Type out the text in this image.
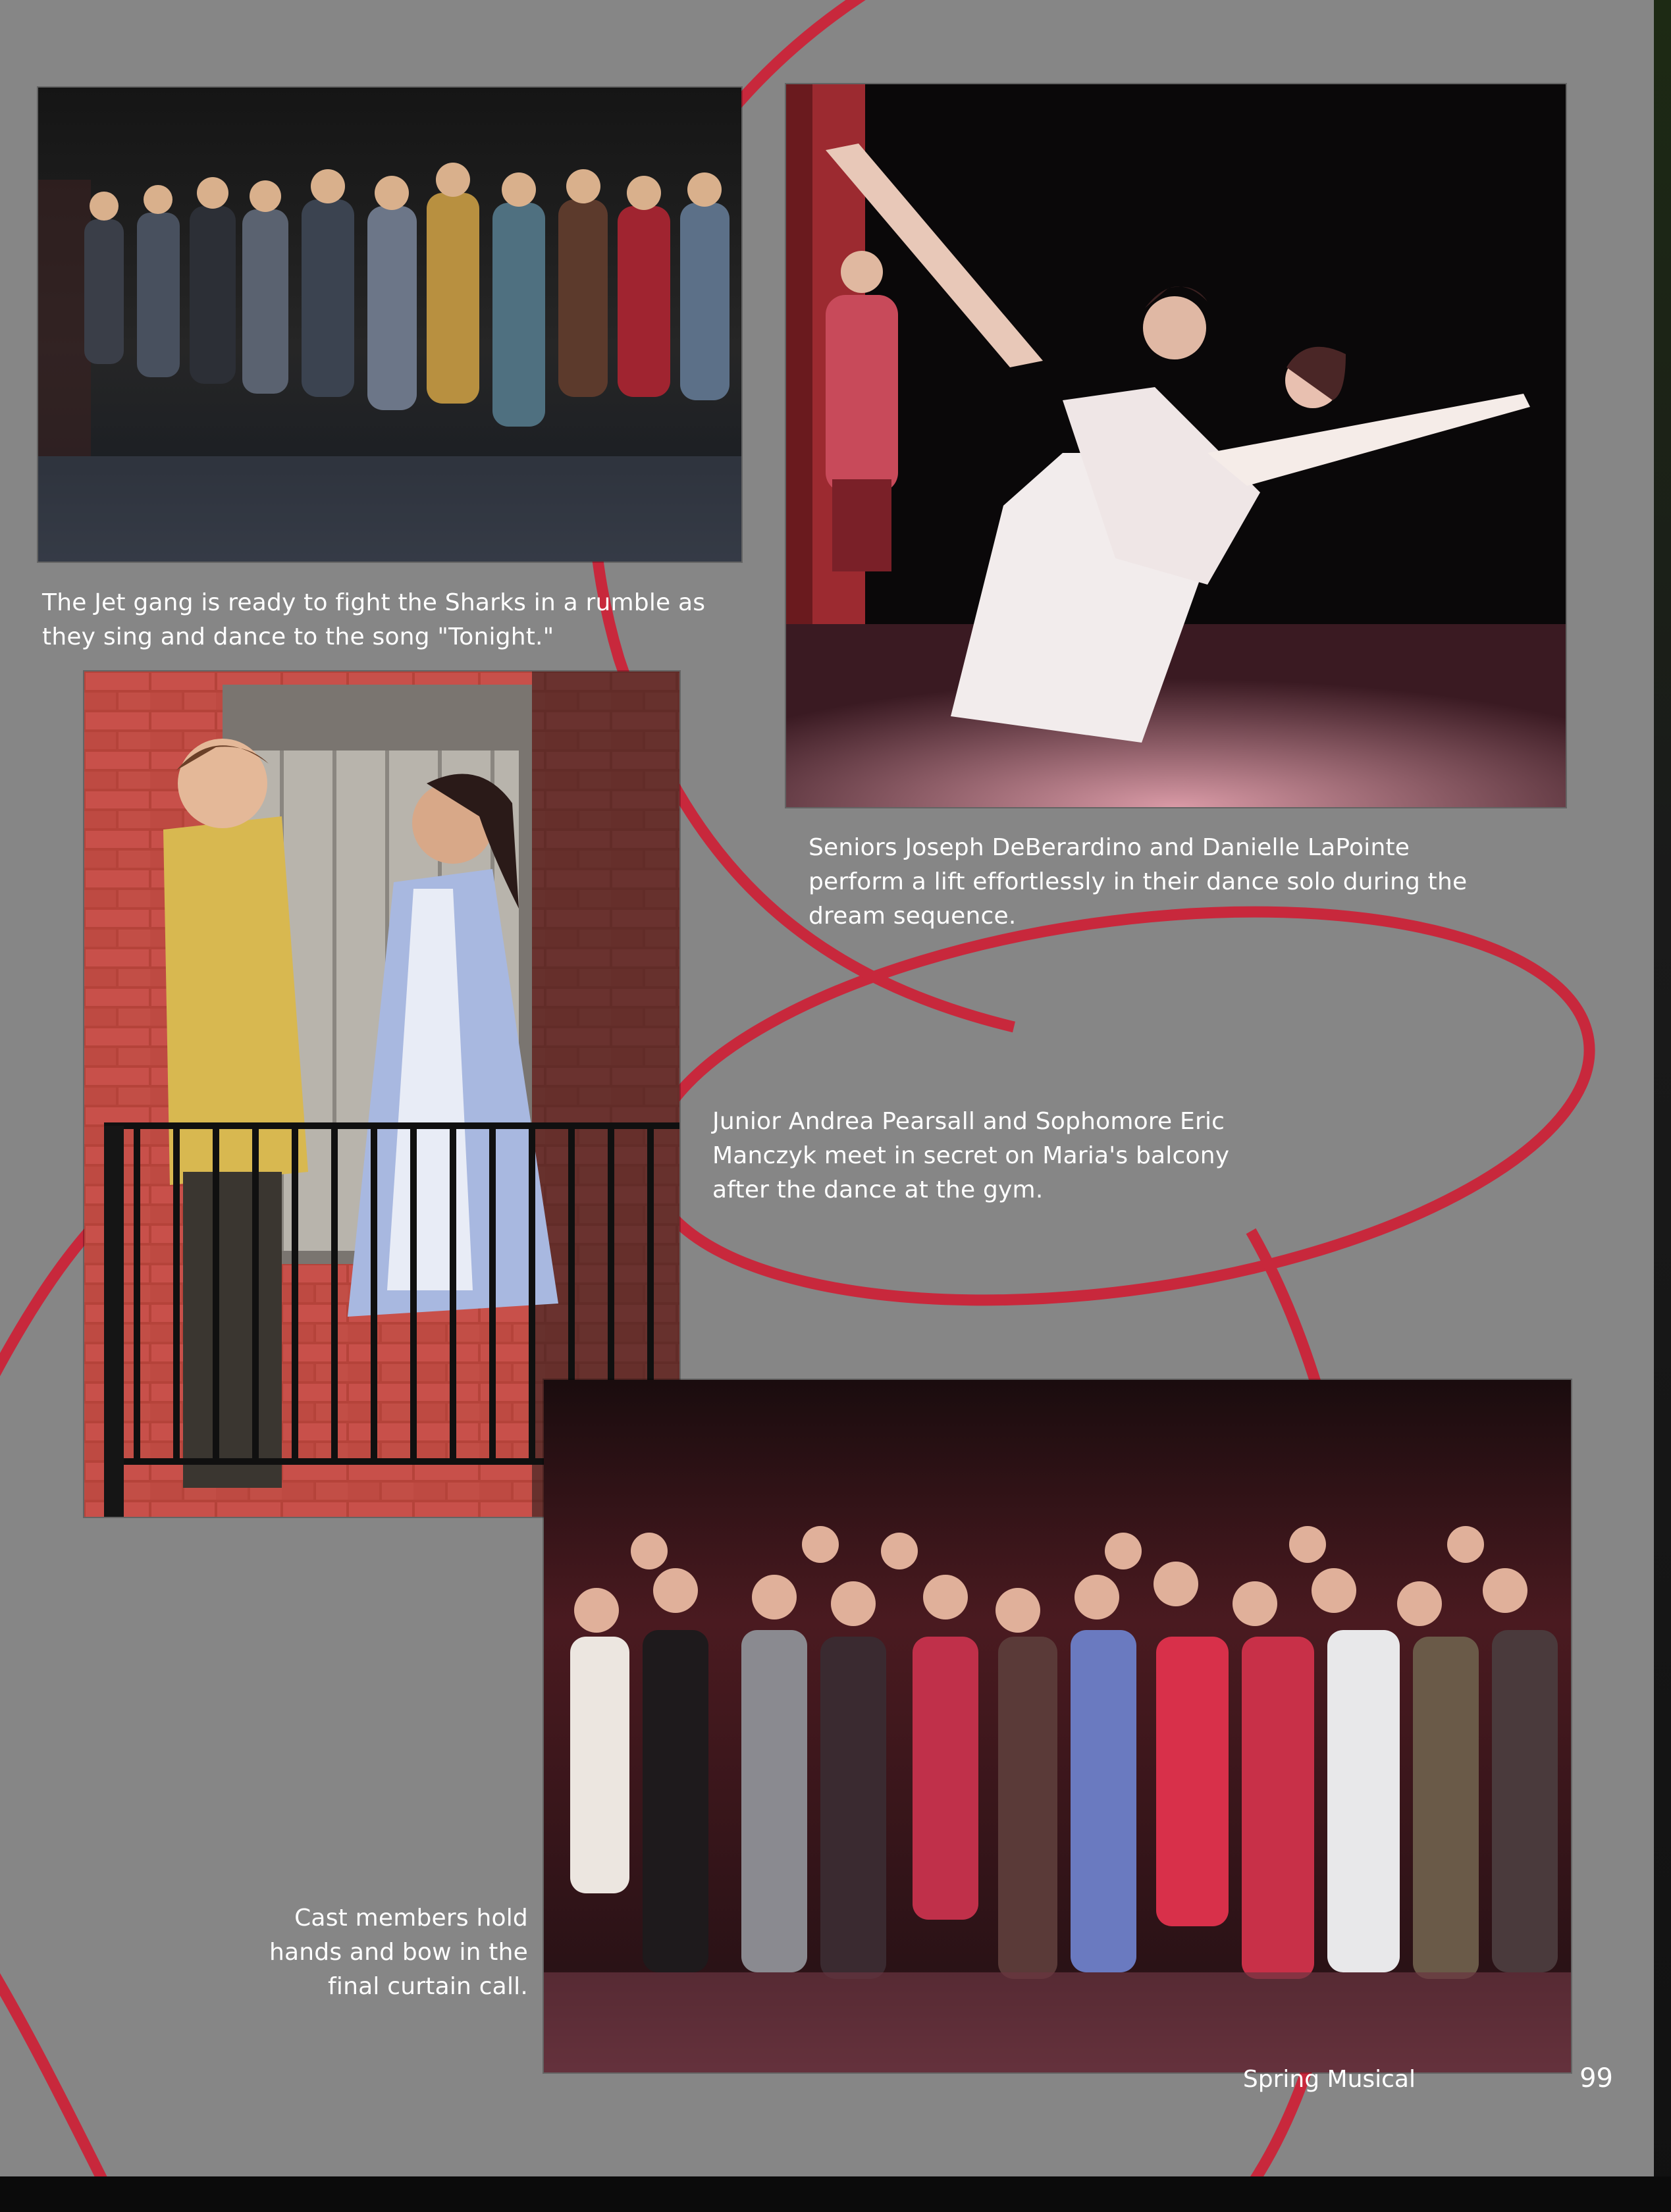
The Jet gang is ready to fight the Sharks in a rumble as they sing and dance to the song "Tonight."
Seniors Joseph DeBerardino and Danielle LaPointe perform a lift effortlessly in their dance solo during the dream sequence.
Junior Andrea Pearsall and Sophomore Eric Manczyk meet in secret on Maria's balcony after the dance at the gym.
Cast members hold hands and bow in the final curtain call.
Spring Musical	99
